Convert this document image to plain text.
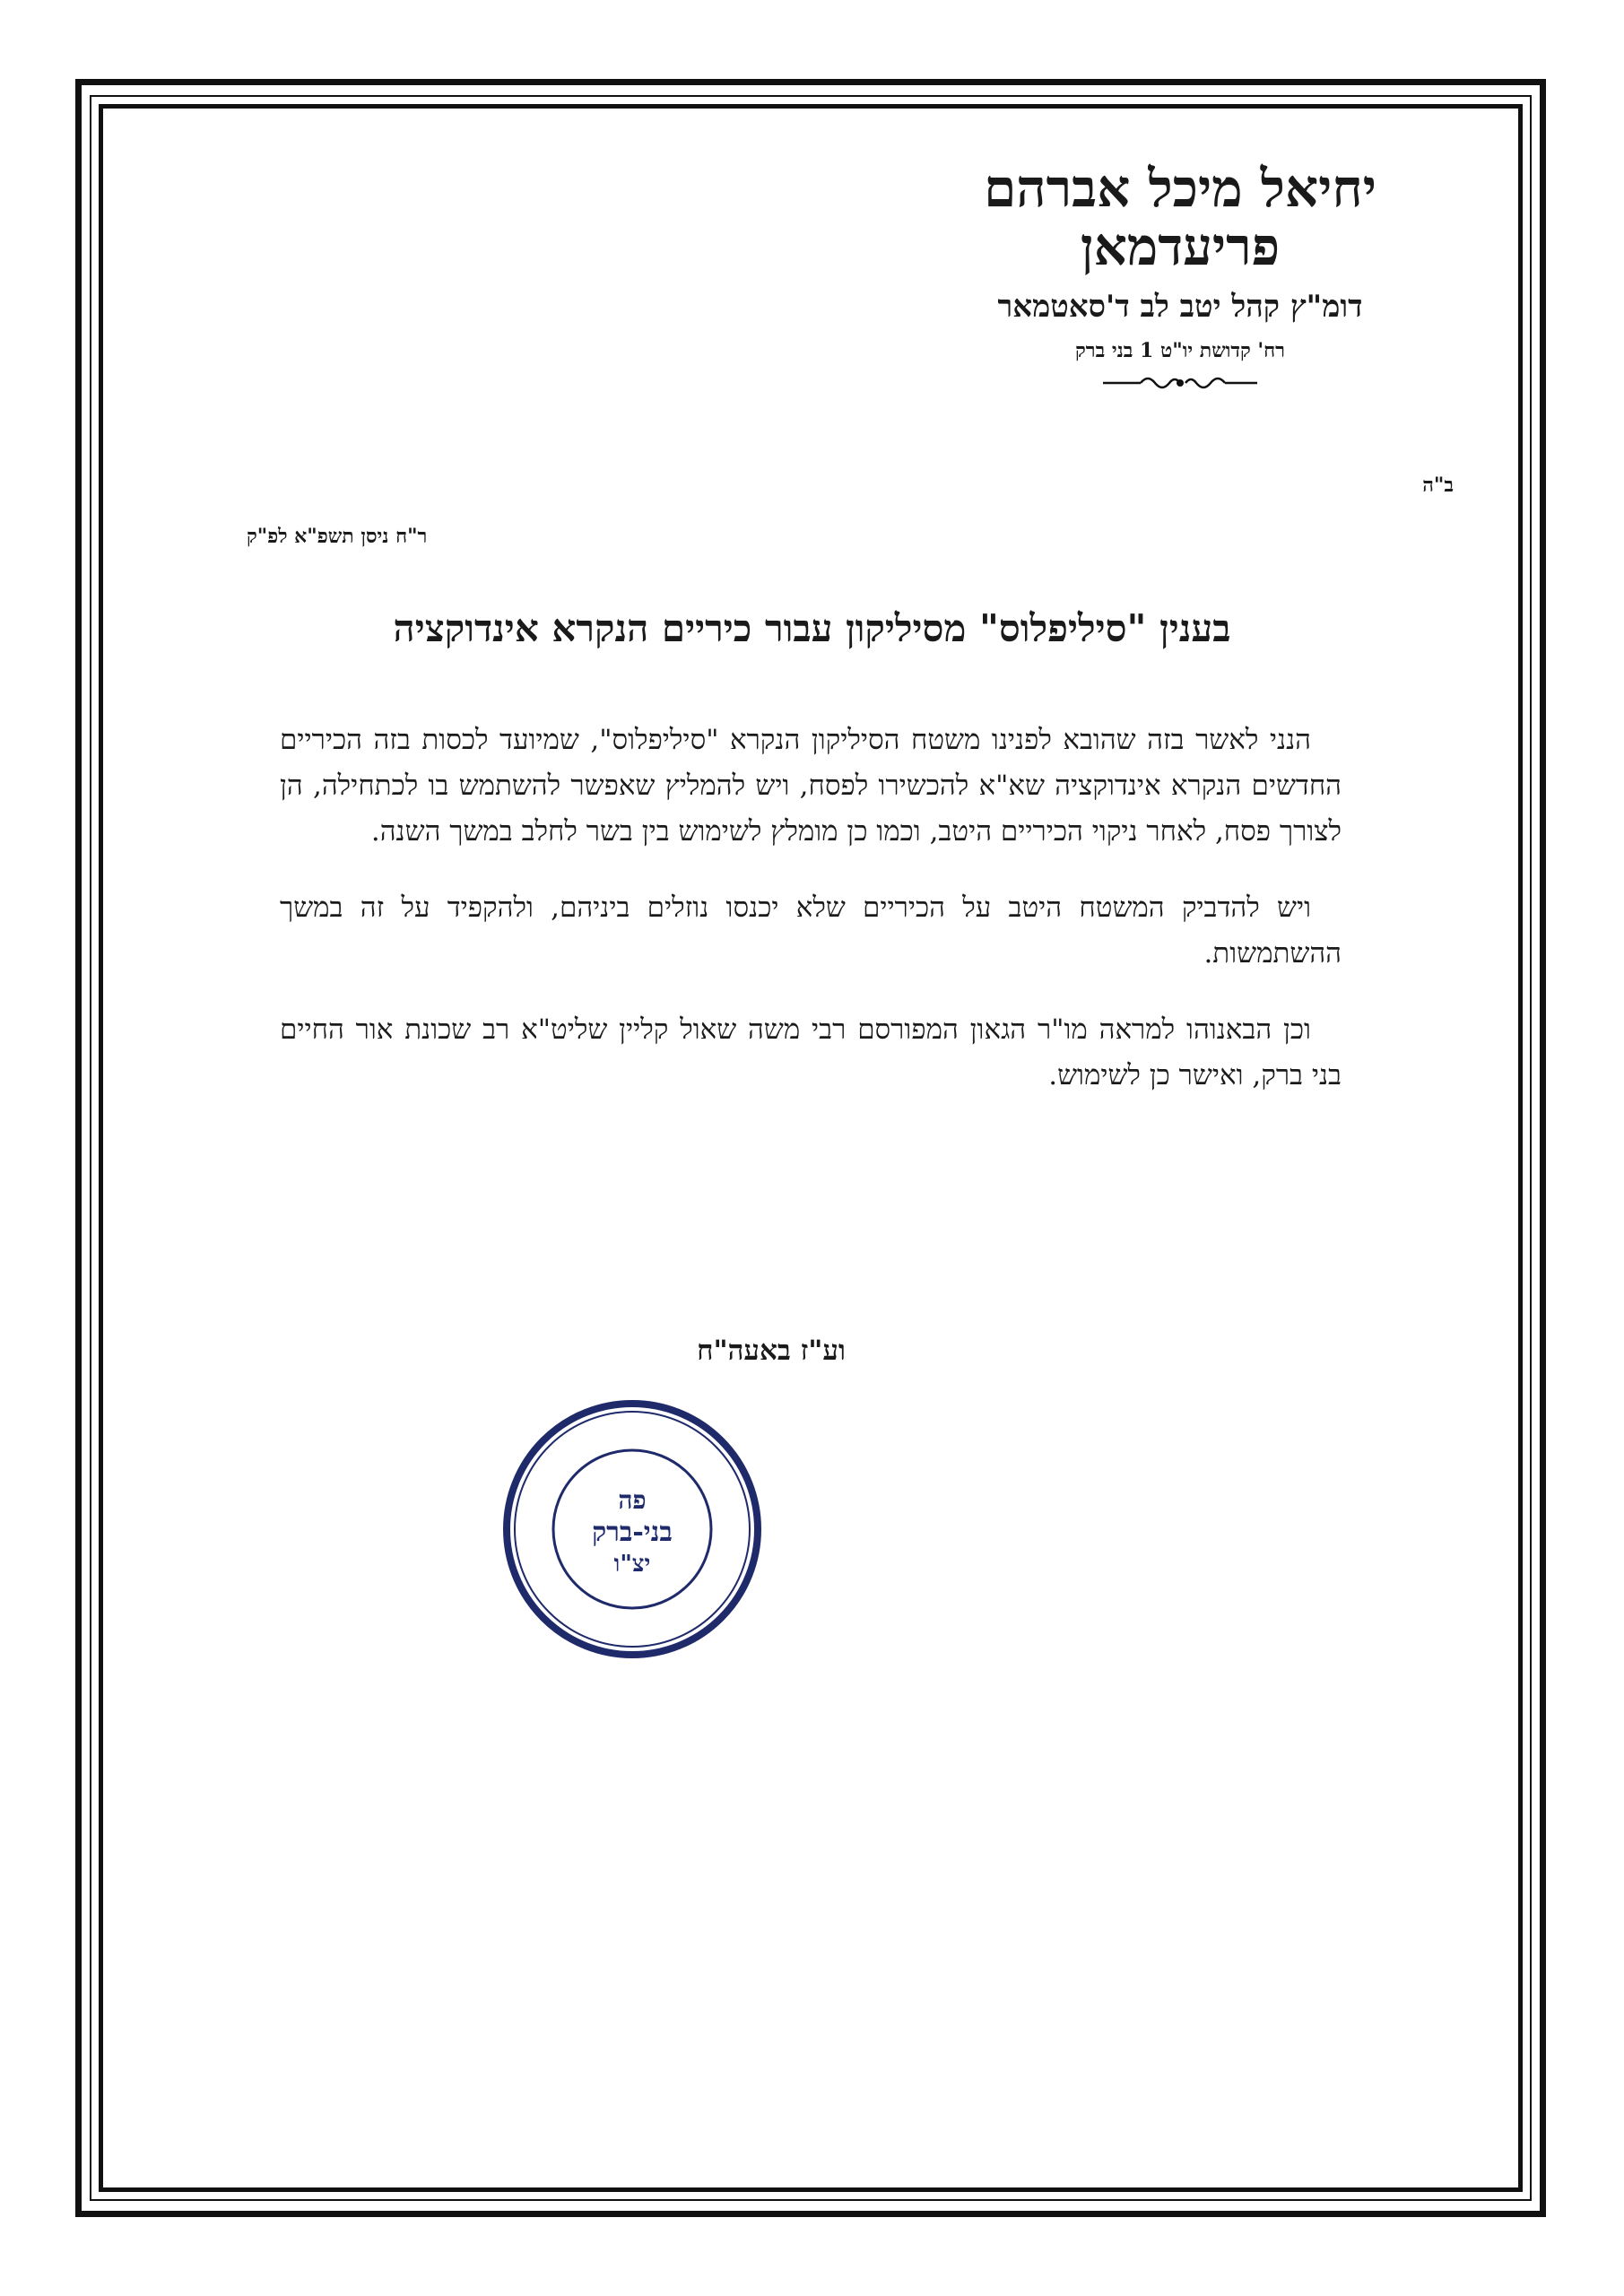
יחיאל מיכל אברהם
פריעדמאן
דומ"ץ קהל יטב לב ד'סאטמאר
רח' קדושת יו"ט 1 בני ברק
ב"ה
ר"ח ניסן תשפ"א לפ"ק
בענין "סיליפלוס" מסיליקון עבור כיריים הנקרא אינדוקציה

הנני לאשר בזה שהובא לפנינו משטח הסיליקון הנקרא "סיליפלוס", שמיועד לכסות בזה הכיריים החדשים הנקרא אינדוקציה שא"א להכשירו לפסח, ויש להמליץ שאפשר להשתמש בו לכתחילה, הן לצורך פסח, לאחר ניקוי הכיריים היטב, וכמו כן מומלץ לשימוש בין בשר לחלב במשך השנה.

ויש להדביק המשטח היטב על הכיריים שלא יכנסו נוזלים ביניהם, ולהקפיד על זה במשך ההשתמשות.

וכן הבאנוהו למראה מו"ר הגאון המפורסם רבי משה שאול קליין שליט"א רב שכונת אור החיים בני ברק, ואישר כן לשימוש.

וע"ז באעה"ח
פה
בני-ברק
יצ"ו
